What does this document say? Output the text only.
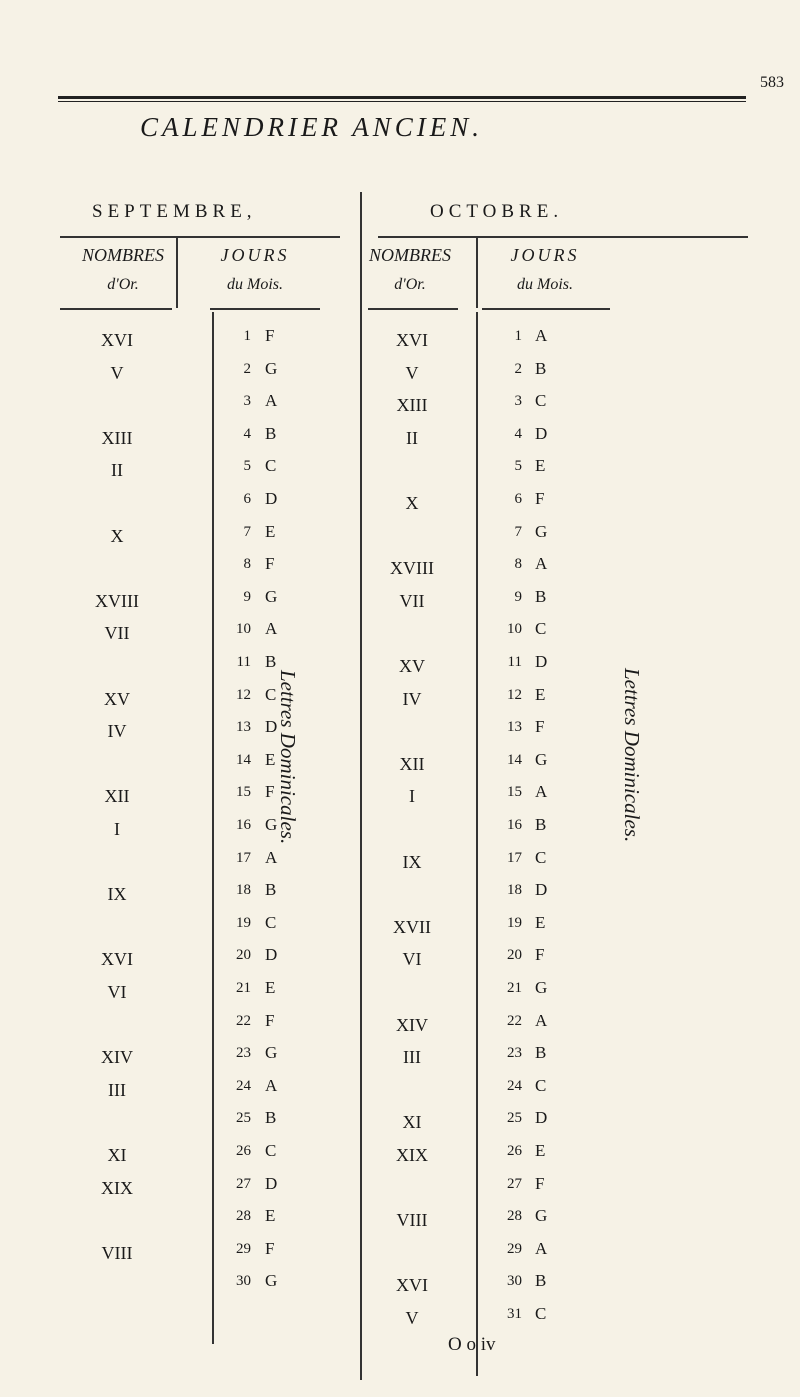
583
CALENDRIER ANCIEN.
SEPTEMBRE,	OCTOBRE.
NOMBRES
d'Or.
JOURS
du Mois.
NOMBRES
d'Or.
JOURS
du Mois.
XVI	1 F
V	2 G
3 A
XIII	4 B
II	5 C
6 D
X	7 E
8 F
XVIII	9 G
VII	10 A
11 B
XV	12 C
IV	13 D
14 E
XII	15 F
I	16 G
17 A
IX	18 B
19 C
XVI	20 D
VI	21 E
22 F
XIV	23 G
III	24 A
25 B
XI	26 C
XIX	27 D
28 E
VIII	29 F
30 G
XVI	1 A
V	2 B
XIII	3 C
II	4 D
5 E
X	6 F
7 G
XVIII	8 A
VII	9 B
10 C
XV	11 D
IV	12 E
13 F
XII	14 G
I	15 A
16 B
IX	17 C
18 D
XVII	19 E
VI	20 F
21 G
XIV	22 A
III	23 B
24 C
XI	25 D
XIX	26 E
27 F
VIII	28 G
29 A
XVI	30 B
V	31 C
Lettres Dominicales.	Lettres Dominicales.
O o iv
